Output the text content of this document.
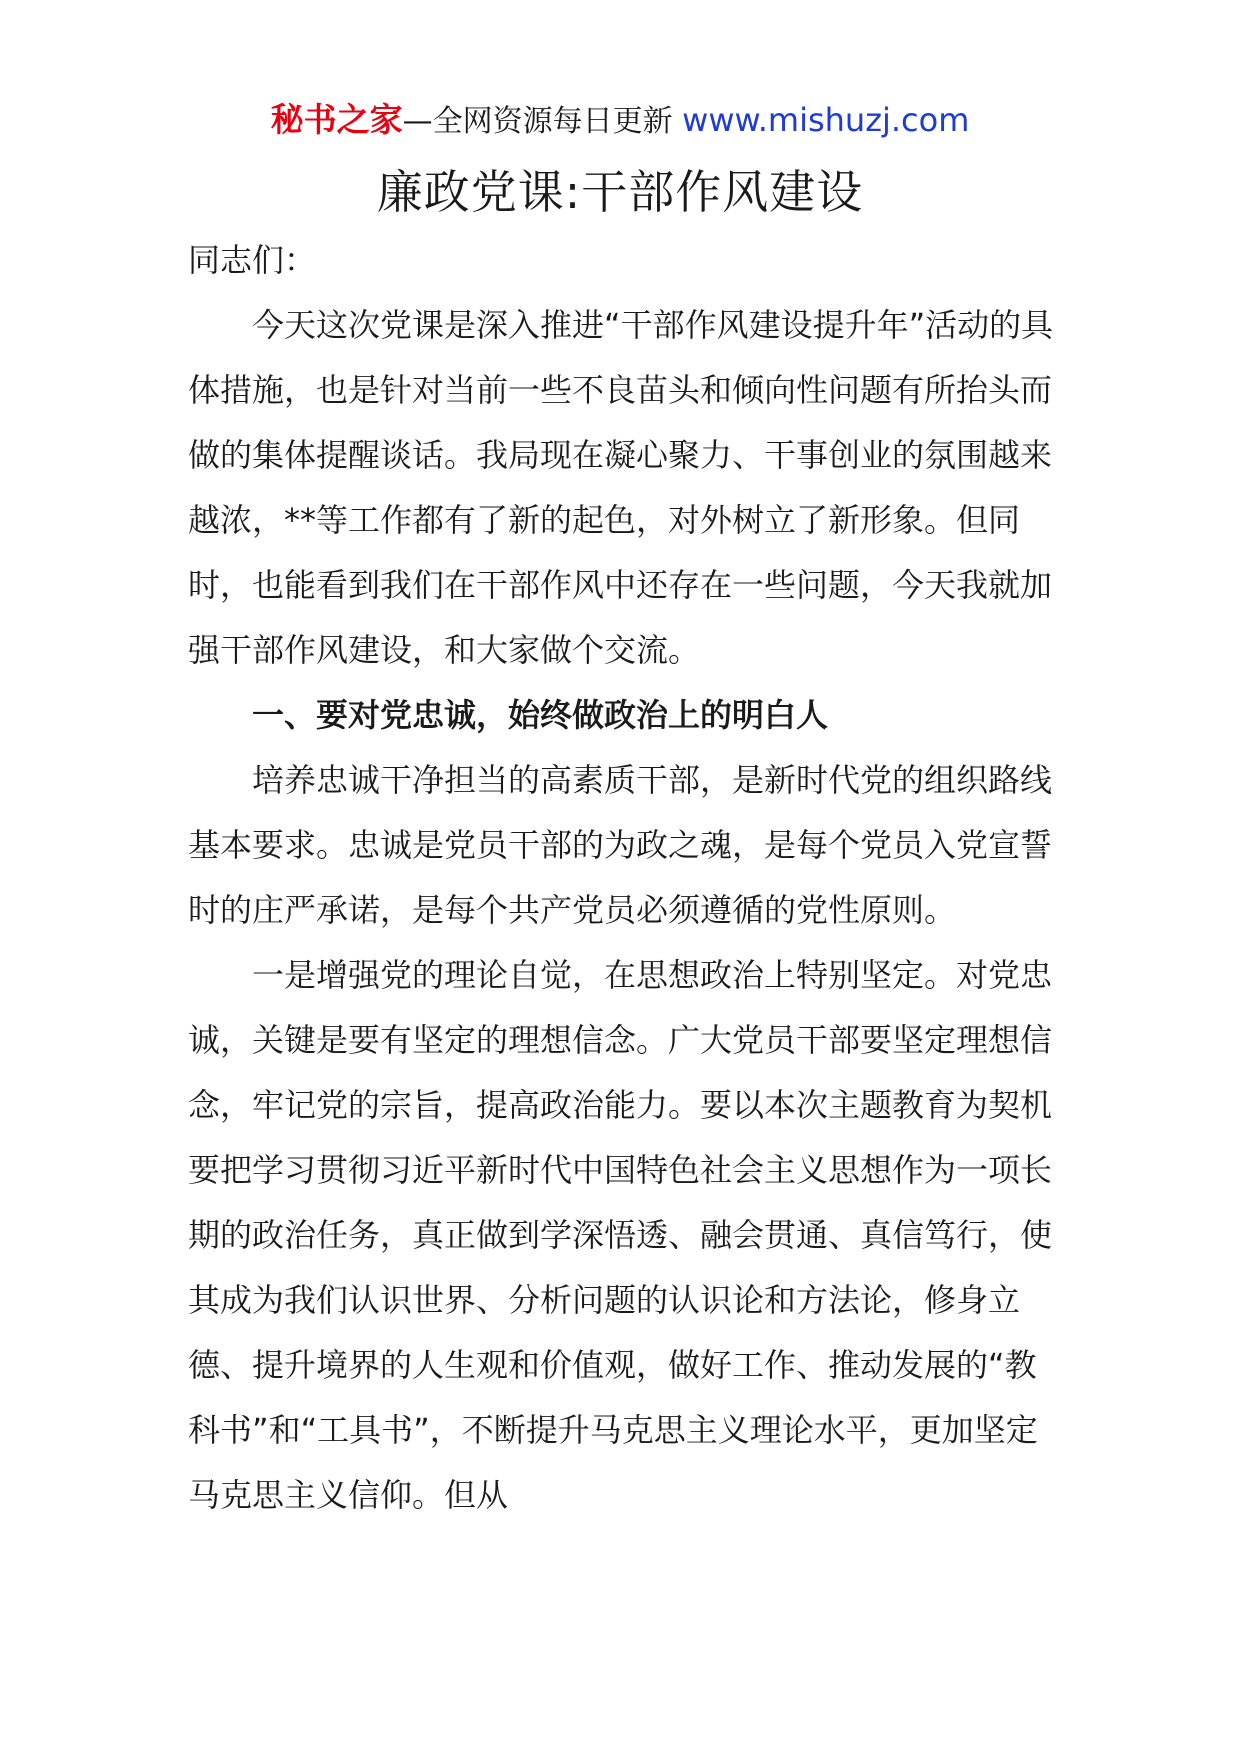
秘书之家—全网资源每日更新 www.mishuzj.com
廉政党课:干部作风建设

同志们：

今天这次党课是深入推进“干部作风建设提升年”活动的具体措施，也是针对当前一些不良苗头和倾向性问题有所抬头而做的集体提醒谈话。我局现在凝心聚力、干事创业的氛围越来越浓，**等工作都有了新的起色，对外树立了新形象。但同时，也能看到我们在干部作风中还存在一些问题，今天我就加强干部作风建设，和大家做个交流。

一、要对党忠诚，始终做政治上的明白人

培养忠诚干净担当的高素质干部，是新时代党的组织路线基本要求。忠诚是党员干部的为政之魂，是每个党员入党宣誓时的庄严承诺，是每个共产党员必须遵循的党性原则。

一是增强党的理论自觉，在思想政治上特别坚定。对党忠诚，关键是要有坚定的理想信念。广大党员干部要坚定理想信念，牢记党的宗旨，提高政治能力。要以本次主题教育为契机要把学习贯彻习近平新时代中国特色社会主义思想作为一项长期的政治任务，真正做到学深悟透、融会贯通、真信笃行，使其成为我们认识世界、分析问题的认识论和方法论，修身立德、提升境界的人生观和价值观，做好工作、推动发展的“教科书”和“工具书”，不断提升马克思主义理论水平，更加坚定马克思主义信仰。但从
